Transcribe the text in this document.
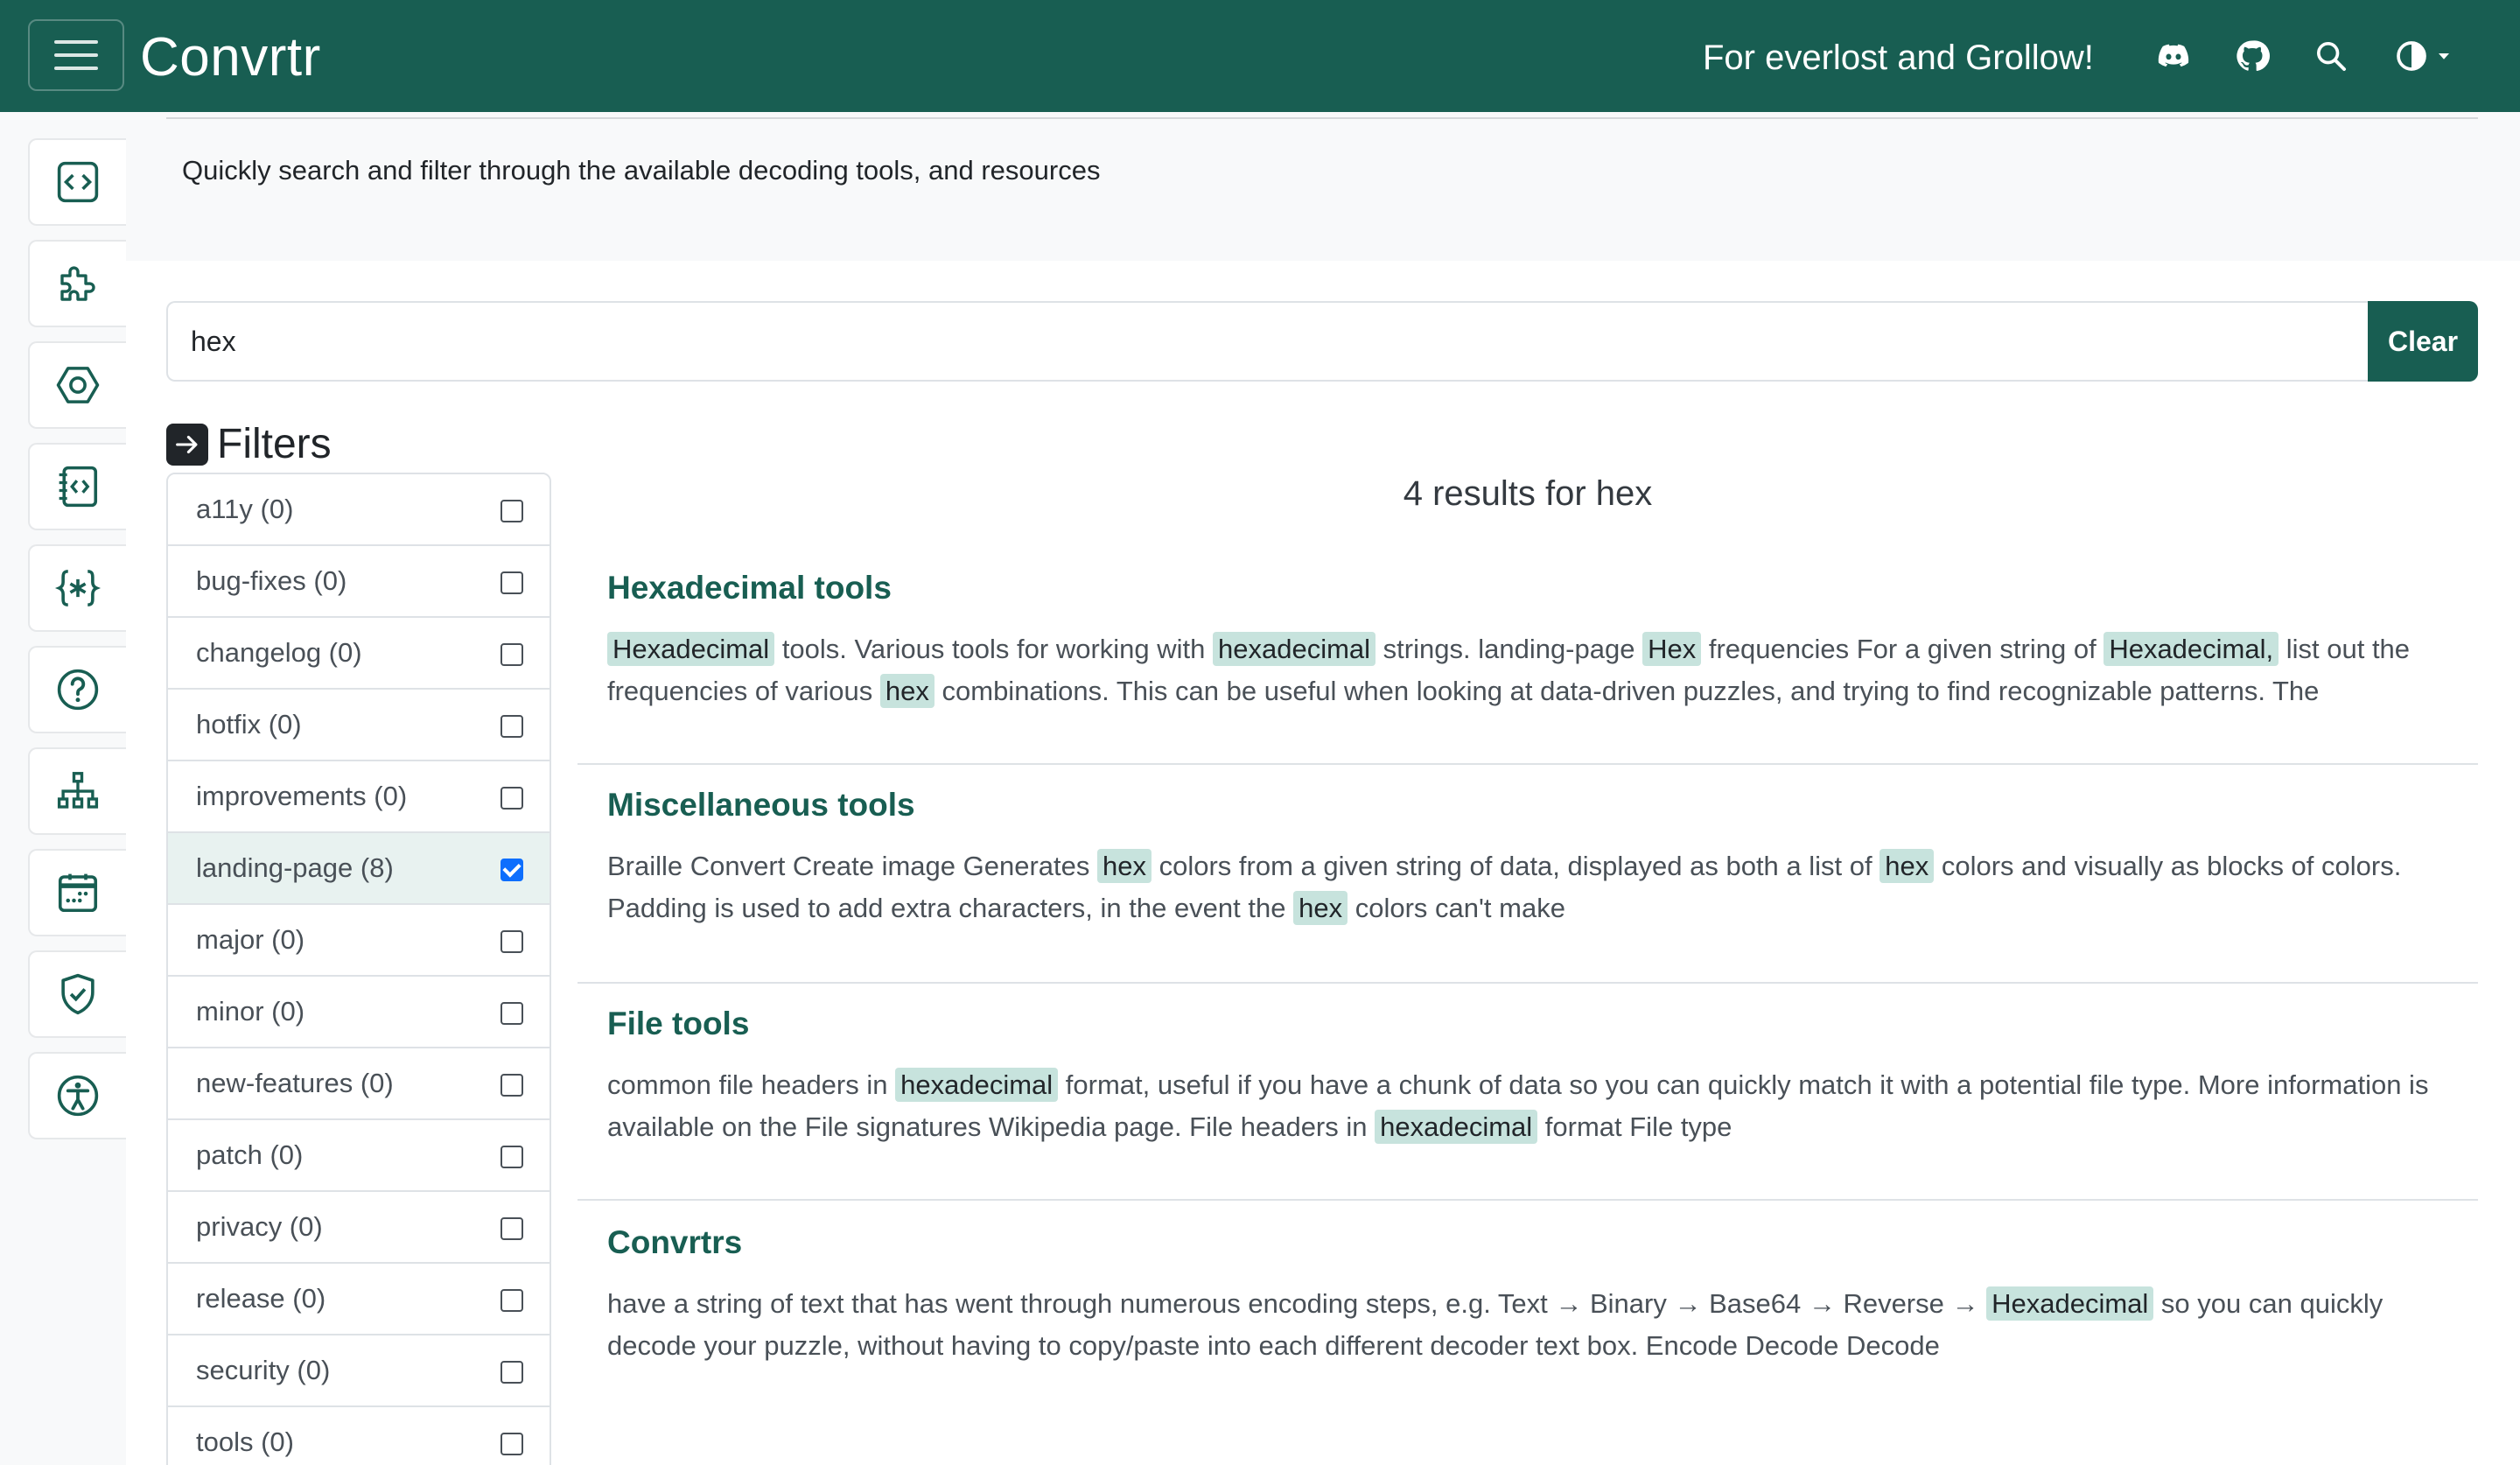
Convrtr	For everlost and Grollow!

Quickly search and filter through the available decoding tools, and resources

hex
Clear
Filters
a11y (0)
bug-fixes (0)
changelog (0)
hotfix (0)
improvements (0)
landing-page (8)
major (0)
minor (0)
new-features (0)
patch (0)
privacy (0)
release (0)
security (0)
tools (0)
4 results for hex
Hexadecimal tools

Hexadecimal tools. Various tools for working with hexadecimal strings. landing-page Hex frequencies For a given string of Hexadecimal, list out the frequencies of various hex combinations. This can be useful when looking at data-driven puzzles, and trying to find recognizable patterns. The

Miscellaneous tools

Braille Convert Create image Generates hex colors from a given string of data, displayed as both a list of hex colors and visually as blocks of colors. Padding is used to add extra characters, in the event the hex colors can't make

File tools

common file headers in hexadecimal format, useful if you have a chunk of data so you can quickly match it with a potential file type. More information is available on the File signatures Wikipedia page. File headers in hexadecimal format File type

Convrtrs

have a string of text that has went through numerous encoding steps, e.g. Text → Binary → Base64 → Reverse → Hexadecimal so you can quickly decode your puzzle, without having to copy/paste into each different decoder text box. Encode Decode Decode
